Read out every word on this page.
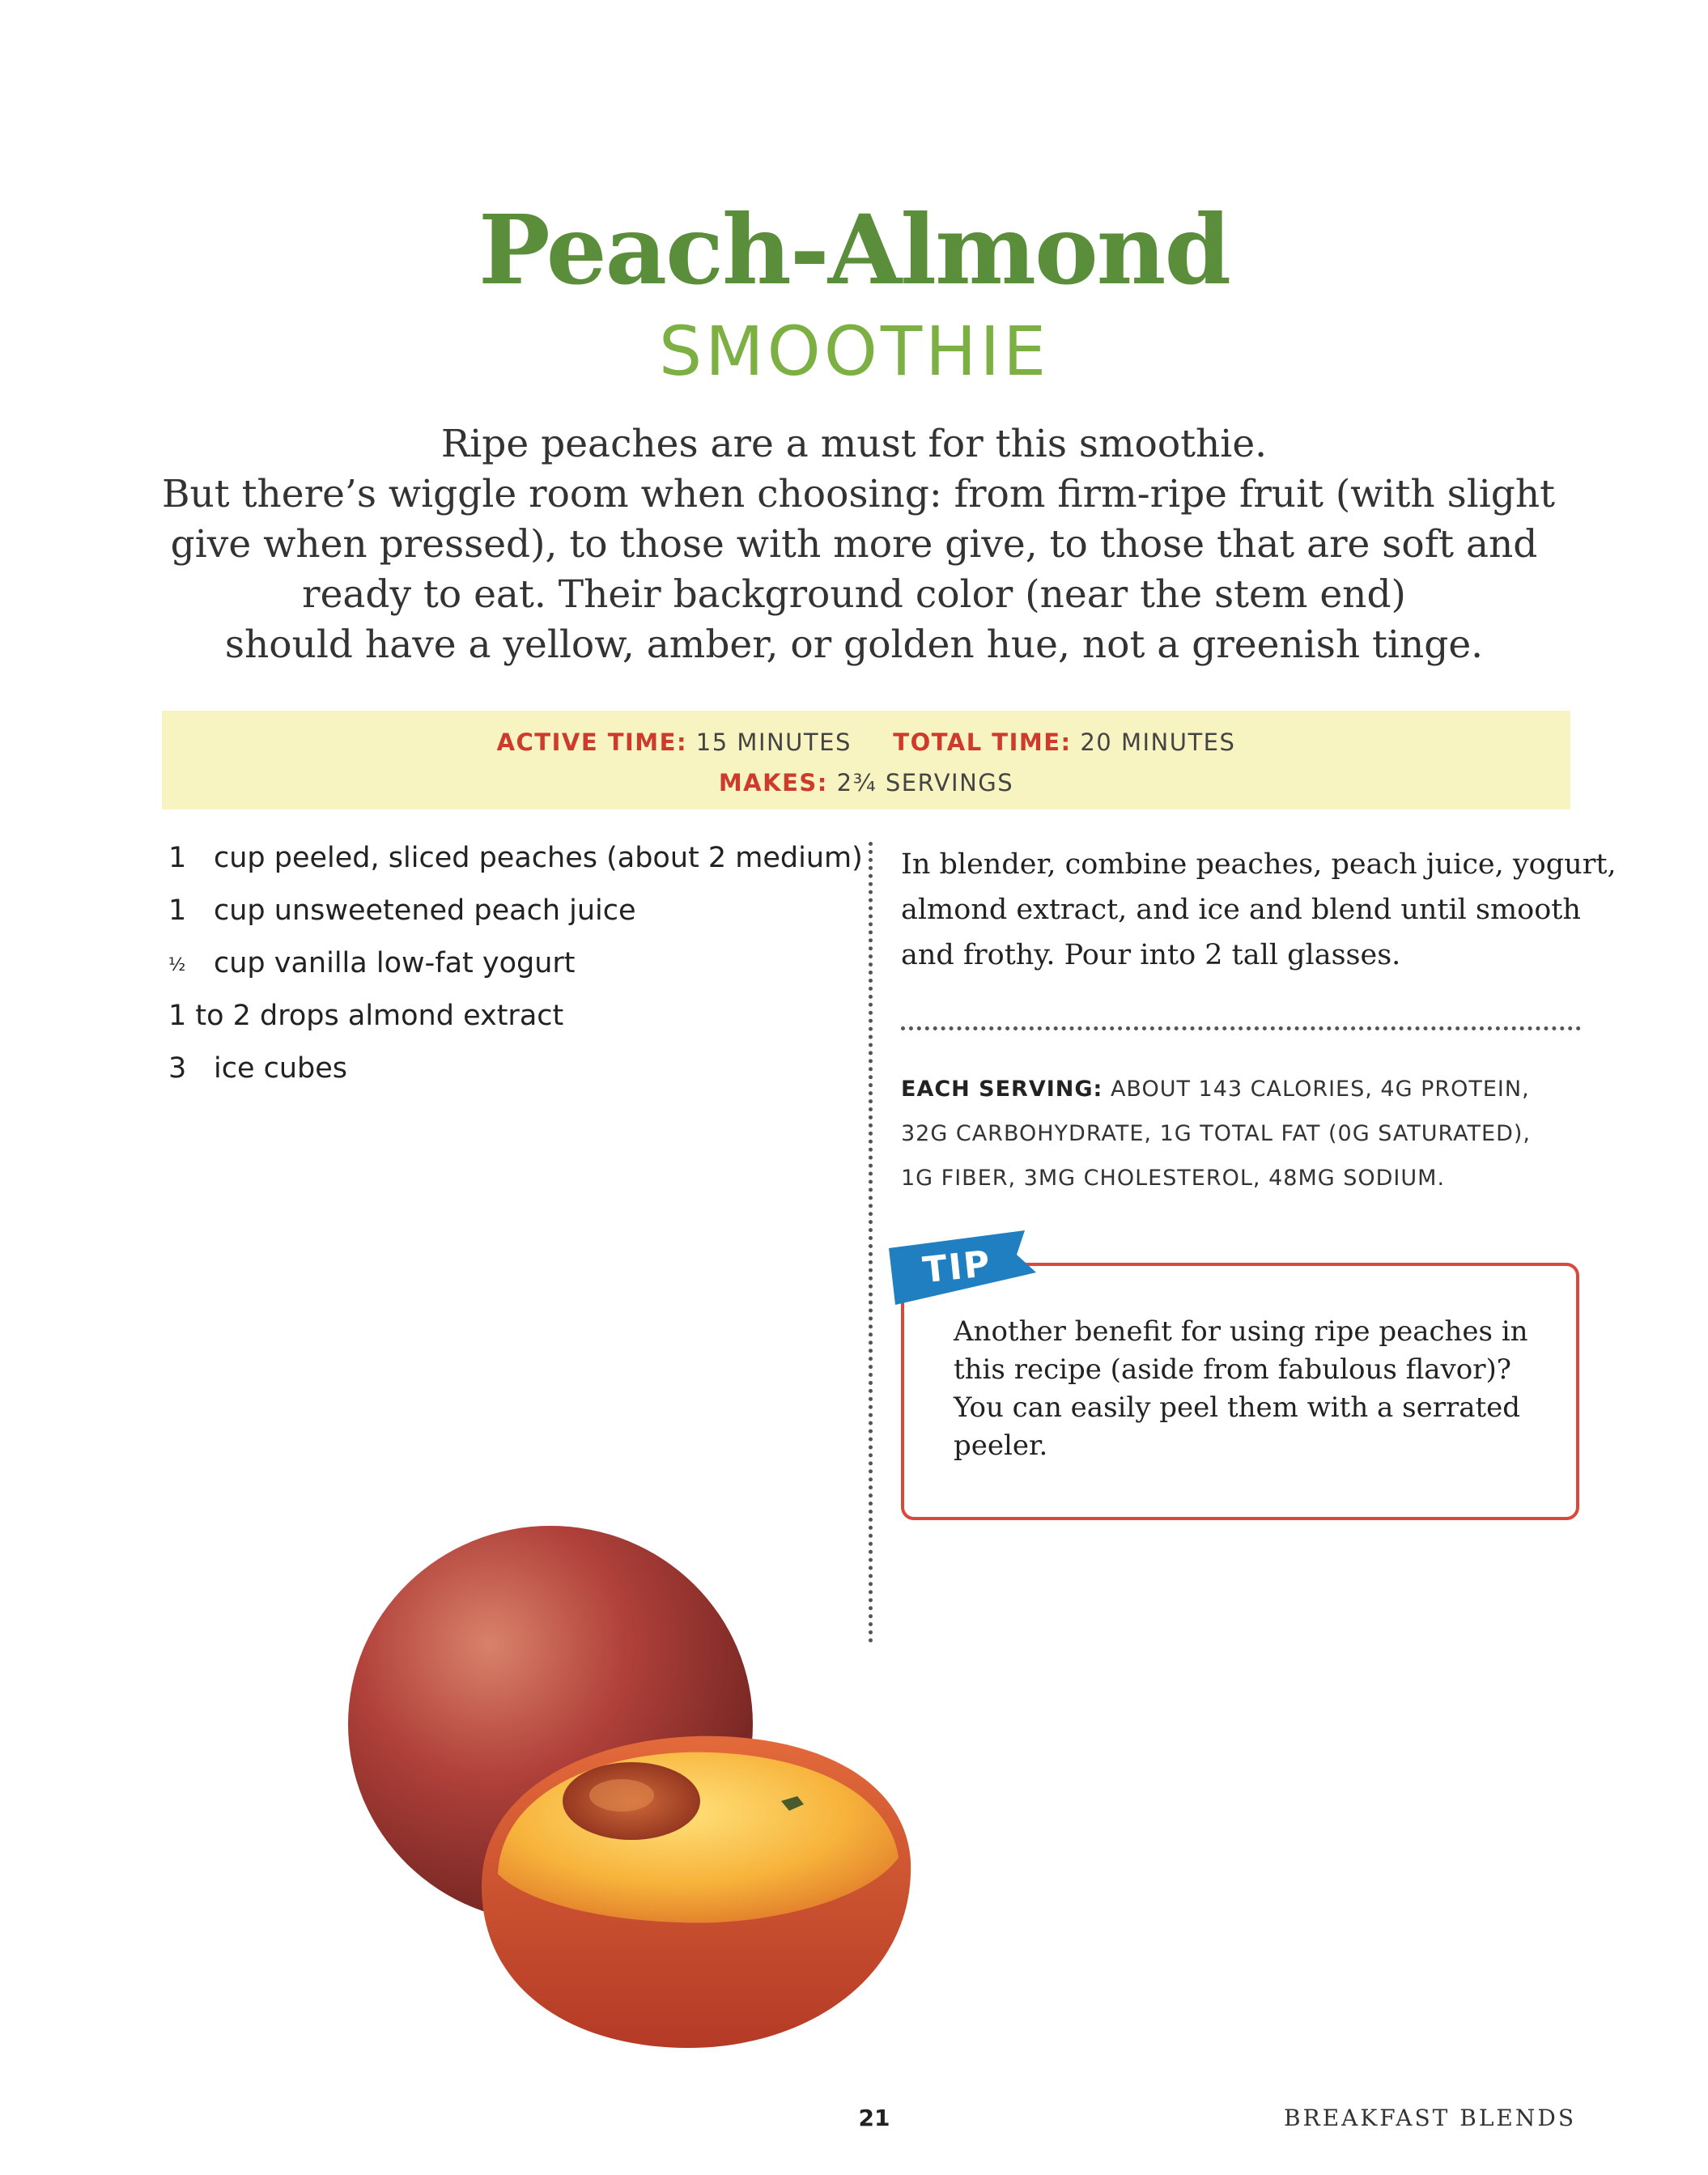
Peach-Almond
SMOOTHIE
Ripe peaches are a must for this smoothie.
But there’s wiggle room when choosing: from firm-ripe fruit (with slight
give when pressed), to those with more give, to those that are soft and
ready to eat. Their background color (near the stem end)
should have a yellow, amber, or golden hue, not a greenish tinge.
ACTIVE TIME: 15 MINUTES TOTAL TIME: 20 MINUTES
MAKES: 2¾ SERVINGS
1 cup peeled, sliced peaches (about 2 medium)
1 cup unsweetened peach juice
½ cup vanilla low-fat yogurt
1 to 2 drops almond extract
3 ice cubes
In blender, combine peaches, peach juice, yogurt,
almond extract, and ice and blend until smooth
and frothy. Pour into 2 tall glasses.
EACH SERVING: ABOUT 143 CALORIES, 4G PROTEIN,
32G CARBOHYDRATE, 1G TOTAL FAT (0G SATURATED),
1G FIBER, 3MG CHOLESTEROL, 48MG SODIUM.
TIP
Another benefit for using ripe peaches in
this recipe (aside from fabulous flavor)?
You can easily peel them with a serrated
peeler.
21	BREAKFAST BLENDS
